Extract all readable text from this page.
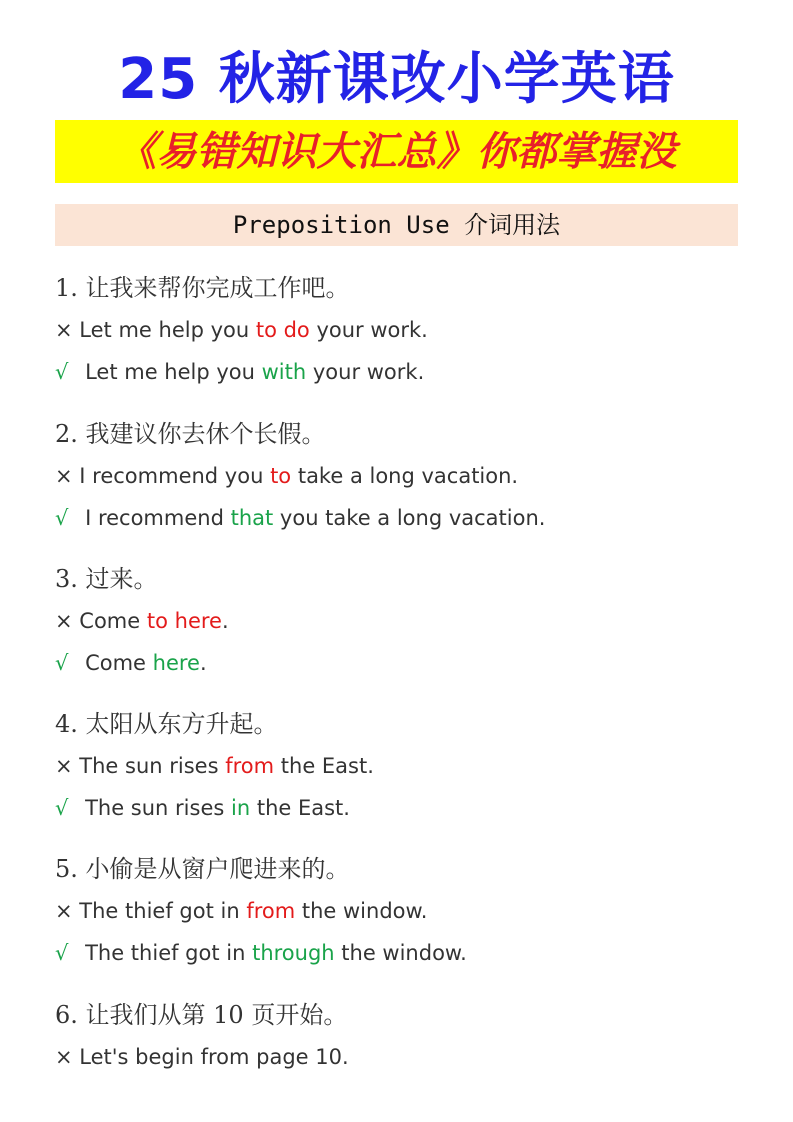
25 秋新课改小学英语
《易错知识大汇总》你都掌握没
Preposition Use 介词用法
1. 让我来帮你完成工作吧。
× Let me help you to do your work.
√ Let me help you with your work.
2. 我建议你去休个长假。
× I recommend you to take a long vacation.
√ I recommend that you take a long vacation.
3. 过来。
× Come to here.
√ Come here.
4. 太阳从东方升起。
× The sun rises from the East.
√ The sun rises in the East.
5. 小偷是从窗户爬进来的。
× The thief got in from the window.
√ The thief got in through the window.
6. 让我们从第 10 页开始。
× Let's begin from page 10.
